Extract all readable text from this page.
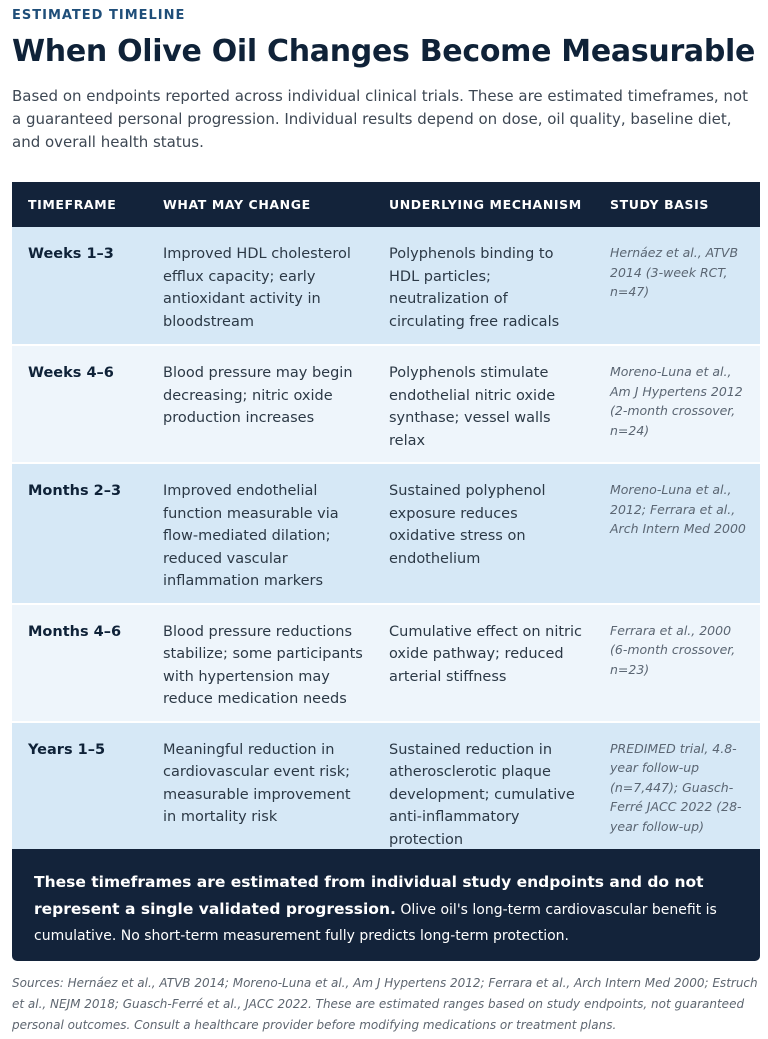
ESTIMATED TIMELINE
When Olive Oil Changes Become Measurable

Based on endpoints reported across individual clinical trials. These are estimated timeframes, not a guaranteed personal progression. Individual results depend on dose, oil quality, baseline diet, and overall health status.

TIMEFRAME	WHAT MAY CHANGE	UNDERLYING MECHANISM	STUDY BASIS
Weeks 1–3	Improved HDL cholesterol efflux capacity; early antioxidant activity in bloodstream	Polyphenols binding to HDL particles; neutralization of circulating free radicals	Hernáez et al., ATVB 2014 (3-week RCT, n=47)
Weeks 4–6	Blood pressure may begin decreasing; nitric oxide production increases	Polyphenols stimulate endothelial nitric oxide synthase; vessel walls relax	Moreno-Luna et al., Am J Hypertens 2012 (2-month crossover, n=24)
Months 2–3	Improved endothelial function measurable via flow-mediated dilation; reduced vascular inflammation markers	Sustained polyphenol exposure reduces oxidative stress on endothelium	Moreno-Luna et al., 2012; Ferrara et al., Arch Intern Med 2000
Months 4–6	Blood pressure reductions stabilize; some participants with hypertension may reduce medication needs	Cumulative effect on nitric oxide pathway; reduced arterial stiffness	Ferrara et al., 2000 (6-month crossover, n=23)
Years 1–5	Meaningful reduction in cardiovascular event risk; measurable improvement in mortality risk	Sustained reduction in atherosclerotic plaque development; cumulative anti-inflammatory protection	PREDIMED trial, 4.8-year follow-up (n=7,447); Guasch-Ferré JACC 2022 (28-year follow-up)
These timeframes are estimated from individual study endpoints and do not represent a single validated progression. Olive oil's long-term cardiovascular benefit is cumulative. No short-term measurement fully predicts long-term protection.

Sources: Hernáez et al., ATVB 2014; Moreno-Luna et al., Am J Hypertens 2012; Ferrara et al., Arch Intern Med 2000; Estruch et al., NEJM 2018; Guasch-Ferré et al., JACC 2022. These are estimated ranges based on study endpoints, not guaranteed personal outcomes. Consult a healthcare provider before modifying medications or treatment plans.
